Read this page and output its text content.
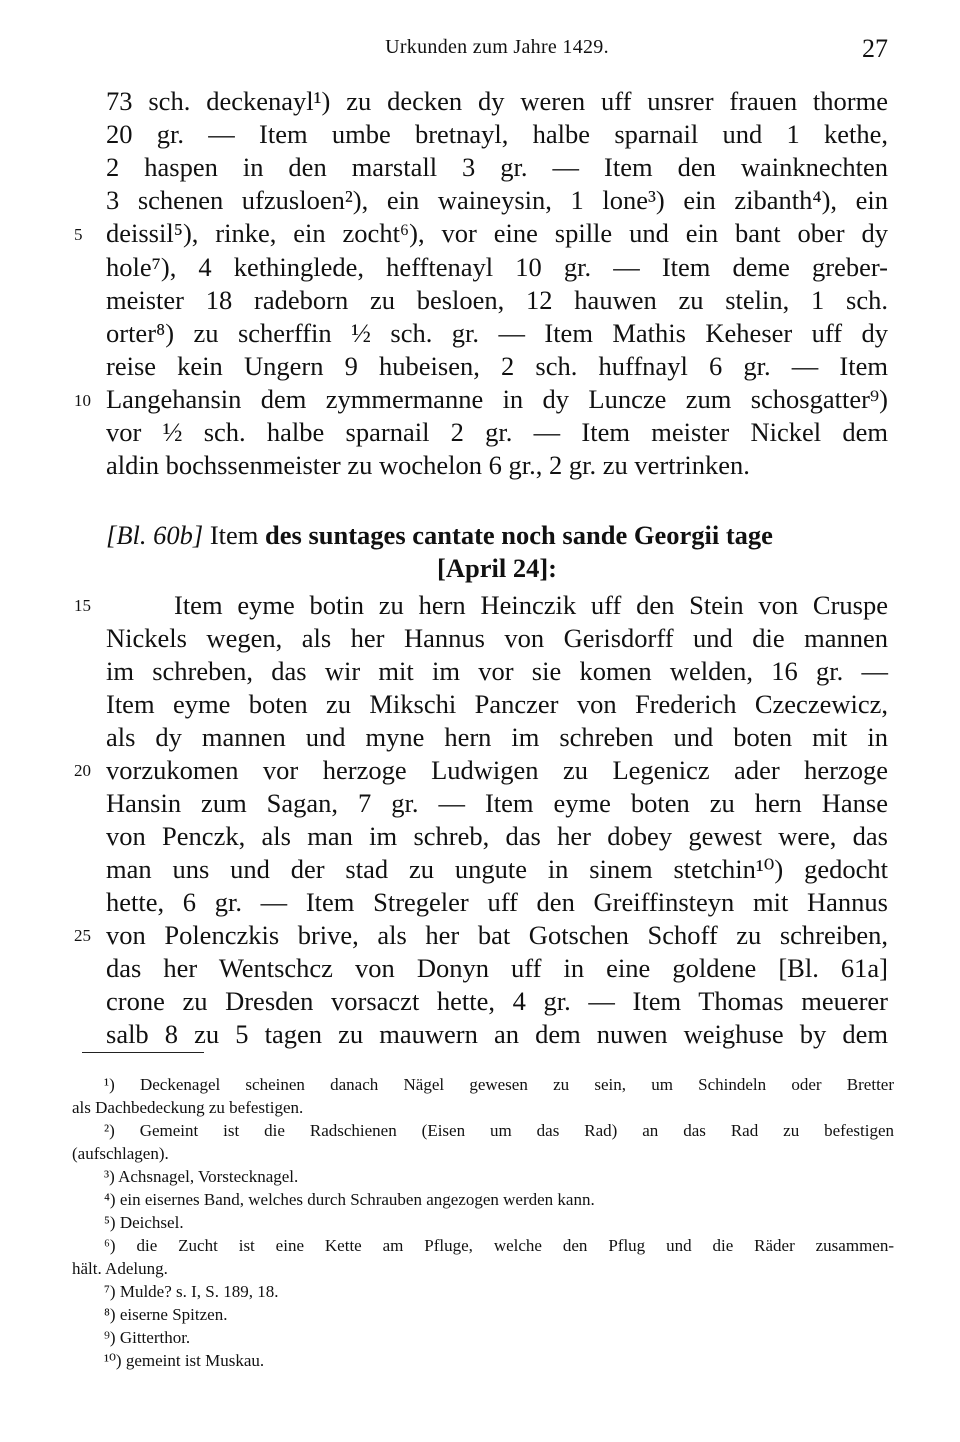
Urkunden zum Jahre 1429.	27
73 sch. deckenayl¹) zu decken dy weren uff unsrer frauen thorme
20 gr. — Item umbe bretnayl, halbe sparnail und 1 kethe,
2 haspen in den marstall 3 gr. — Item den wainknechten
3 schenen ufzusloen²), ein waineysin, 1 lone³) ein zibanth⁴), ein
deissil⁵), rinke, ein zocht⁶), vor eine spille und ein bant ober dy
hole⁷), 4 kethinglede, hefftenayl 10 gr. — Item deme greber-
meister 18 radeborn zu besloen, 12 hauwen zu stelin, 1 sch.
orter⁸) zu scherffin ½ sch. gr. — Item Mathis Keheser uff dy
reise kein Ungern 9 hubeisen, 2 sch. huffnayl 6 gr. — Item
Langehansin dem zymmermanne in dy Luncze zum schosgatter⁹)
vor ½ sch. halbe sparnail 2 gr. — Item meister Nickel dem
aldin bochssenmeister zu wochelon 6 gr., 2 gr. zu vertrinken.
[Bl. 60b] Item des suntages cantate noch sande Georgii tage
[April 24]:
Item eyme botin zu hern Heinczik uff den Stein von Cruspe
Nickels wegen, als her Hannus von Gerisdorff und die mannen
im schreben, das wir mit im vor sie komen welden, 16 gr. —
Item eyme boten zu Mikschi Panczer von Frederich Czeczewicz,
als dy mannen und myne hern im schreben und boten mit in
vorzukomen vor herzoge Ludwigen zu Legenicz ader herzoge
Hansin zum Sagan, 7 gr. — Item eyme boten zu hern Hanse
von Penczk, als man im schreb, das her dobey gewest were, das
man uns und der stad zu ungute in sinem stetchin¹⁰) gedocht
hette, 6 gr. — Item Stregeler uff den Greiffinsteyn mit Hannus
von Polenczkis brive, als her bat Gotschen Schoff zu schreiben,
das her Wentschcz von Donyn uff in eine goldene [Bl. 61a]
crone zu Dresden vorsaczt hette, 4 gr. — Item Thomas meuerer
salb 8 zu 5 tagen zu mauwern an dem nuwen weighuse by dem
5
10
15
20
25
¹) Deckenagel scheinen danach Nägel gewesen zu sein, um Schindeln oder Bretter
als Dachbedeckung zu befestigen.
²) Gemeint ist die Radschienen (Eisen um das Rad) an das Rad zu befestigen
(aufschlagen).
³) Achsnagel, Vorstecknagel.
⁴) ein eisernes Band, welches durch Schrauben angezogen werden kann.
⁵) Deichsel.
⁶) die Zucht ist eine Kette am Pfluge, welche den Pflug und die Räder zusammen-
hält. Adelung.
⁷) Mulde? s. I, S. 189, 18.
⁸) eiserne Spitzen.
⁹) Gitterthor.
¹⁰) gemeint ist Muskau.
